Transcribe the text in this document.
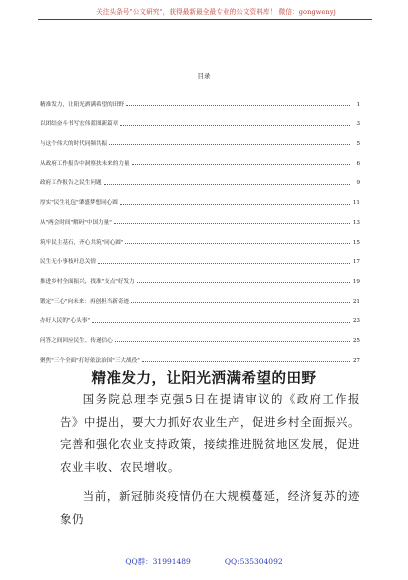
关注头条号"公文研究"，获得最新最全最专业的公文资料库！ 微信：gongwenyj
目录
精准发力，让阳光洒满希望的田野	1
以团结奋斗书写宏伟蓝图新篇章	3
与这个伟大的时代同频共振	5
从政府工作报告中洞察扶未来的力量	6
政府工作报告之民生问题	9
厚实"民生礼包"肇盛梦想同心圆	11
从"两会时间"解码"中国力量"	13
筑牢民主基石，齐心共筑"同心圆"	15
民生无小事枝叶总关情	17
推进乡村全面振兴，找准"支点"好发力	19
锻定"三心"向未来：再创担当新奇迹	21
办好人民的"心头事"	23
问答之间回应民生、传递信心	25
聚焦"三个全面"打好依法治国"三大战役"	27
精准发力，让阳光洒满希望的田野

国务院总理李克强5日在提请审议的《政府工作报告》中提出，要大力抓好农业生产，促进乡村全面振兴。完善和强化农业支持政策，接续推进脱贫地区发展，促进农业丰收、农民增收。

当前，新冠肺炎疫情仍在大规模蔓延，经济复苏的迹象仍

QQ群：31991489	QQ:535304092
